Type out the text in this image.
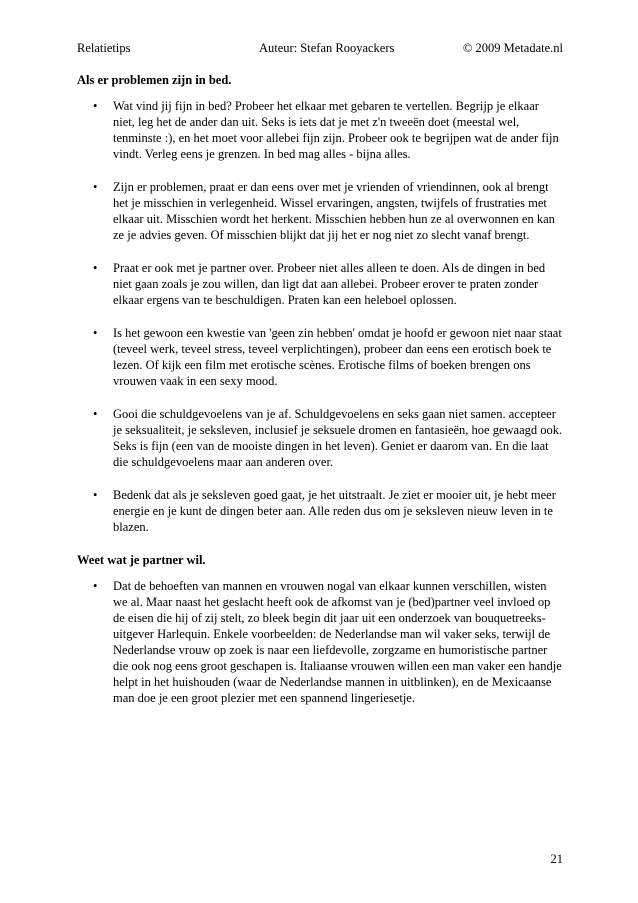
Relatietips	Auteur: Stefan Rooyackers	© 2009 Metadate.nl
Als er problemen zijn in bed.
• Wat vind jij fijn in bed? Probeer het elkaar met gebaren te vertellen. Begrijp je elkaar niet, leg het de ander dan uit. Seks is iets dat je met z'n tweeën doet (meestal wel, tenminste :), en het moet voor allebei fijn zijn. Probeer ook te begrijpen wat de ander fijn vindt. Verleg eens je grenzen. In bed mag alles - bijna alles.
• Zijn er problemen, praat er dan eens over met je vrienden of vriendinnen, ook al brengt het je misschien in verlegenheid. Wissel ervaringen, angsten, twijfels of frustraties met elkaar uit. Misschien wordt het herkent. Misschien hebben hun ze al overwonnen en kan ze je advies geven. Of misschien blijkt dat jij het er nog niet zo slecht vanaf brengt.
• Praat er ook met je partner over. Probeer niet alles alleen te doen. Als de dingen in bed niet gaan zoals je zou willen, dan ligt dat aan allebei. Probeer erover te praten zonder elkaar ergens van te beschuldigen. Praten kan een heleboel oplossen.
• Is het gewoon een kwestie van 'geen zin hebben' omdat je hoofd er gewoon niet naar staat (teveel werk, teveel stress, teveel verplichtingen), probeer dan eens een erotisch boek te lezen. Of kijk een film met erotische scènes. Erotische films of boeken brengen ons vrouwen vaak in een sexy mood.
• Gooi die schuldgevoelens van je af. Schuldgevoelens en seks gaan niet samen. accepteer je seksualiteit, je seksleven, inclusief je seksuele dromen en fantasieën, hoe gewaagd ook. Seks is fijn (een van de mooiste dingen in het leven). Geniet er daarom van. En die laat die schuldgevoelens maar aan anderen over.
• Bedenk dat als je seksleven goed gaat, je het uitstraalt. Je ziet er mooier uit, je hebt meer energie en je kunt de dingen beter aan. Alle reden dus om je seksleven nieuw leven in te blazen.
Weet wat je partner wil.
• Dat de behoeften van mannen en vrouwen nogal van elkaar kunnen verschillen, wisten we al. Maar naast het geslacht heeft ook de afkomst van je (bed)partner veel invloed op de eisen die hij of zij stelt, zo bleek begin dit jaar uit een onderzoek van bouquetreeks-uitgever Harlequin. Enkele voorbeelden: de Nederlandse man wil vaker seks, terwijl de Nederlandse vrouw op zoek is naar een liefdevolle, zorgzame en humoristische partner die ook nog eens groot geschapen is. Italiaanse vrouwen willen een man vaker een handje helpt in het huishouden (waar de Nederlandse mannen in uitblinken), en de Mexicaanse man doe je een groot plezier met een spannend lingeriesetje.
21
